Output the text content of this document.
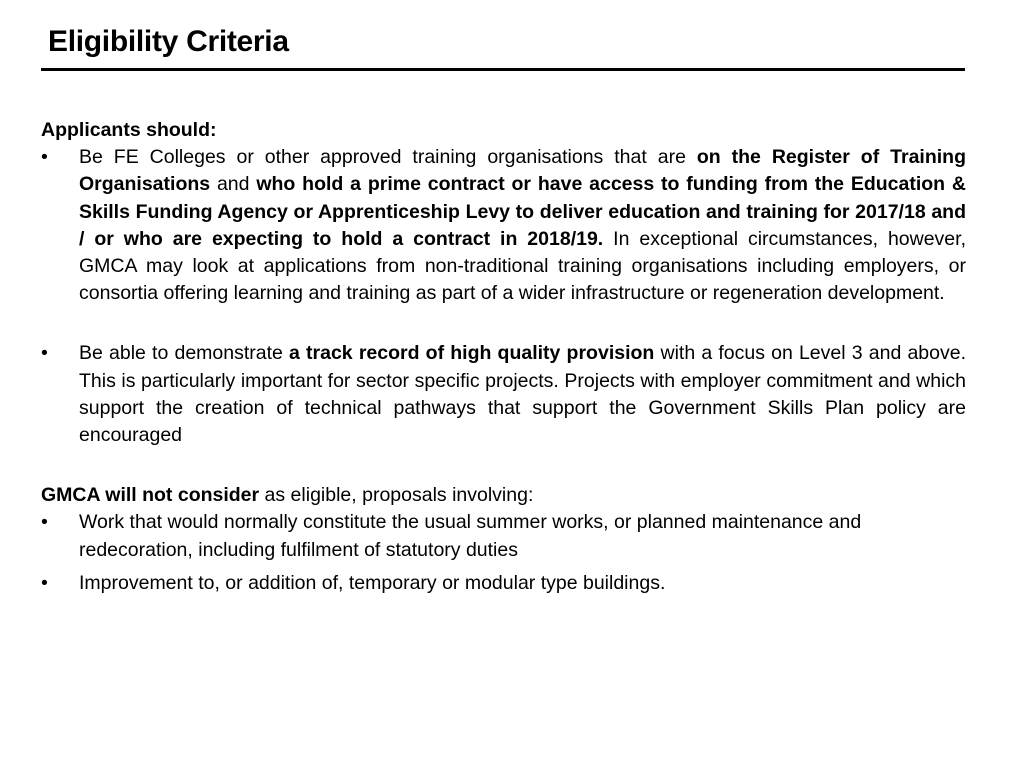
Eligibility Criteria
Applicants should:
•	Be FE Colleges or other approved training organisations that are on the Register of Training Organisations and who hold a prime contract or have access to funding from the Education & Skills Funding Agency or Apprenticeship Levy to deliver education and training for 2017/18 and / or who are expecting to hold a contract in 2018/19. In exceptional circumstances, however, GMCA may look at applications from non-traditional training organisations including employers, or consortia offering learning and training as part of a wider infrastructure or regeneration development.
•	Be able to demonstrate a track record of high quality provision with a focus on Level 3 and above. This is particularly important for sector specific projects. Projects with employer commitment and which support the creation of technical pathways that support the Government Skills Plan policy are encouraged
GMCA will not consider as eligible, proposals involving:
•	Work that would normally constitute the usual summer works, or planned maintenance and redecoration, including fulfilment of statutory duties
•	Improvement to, or addition of, temporary or modular type buildings.
